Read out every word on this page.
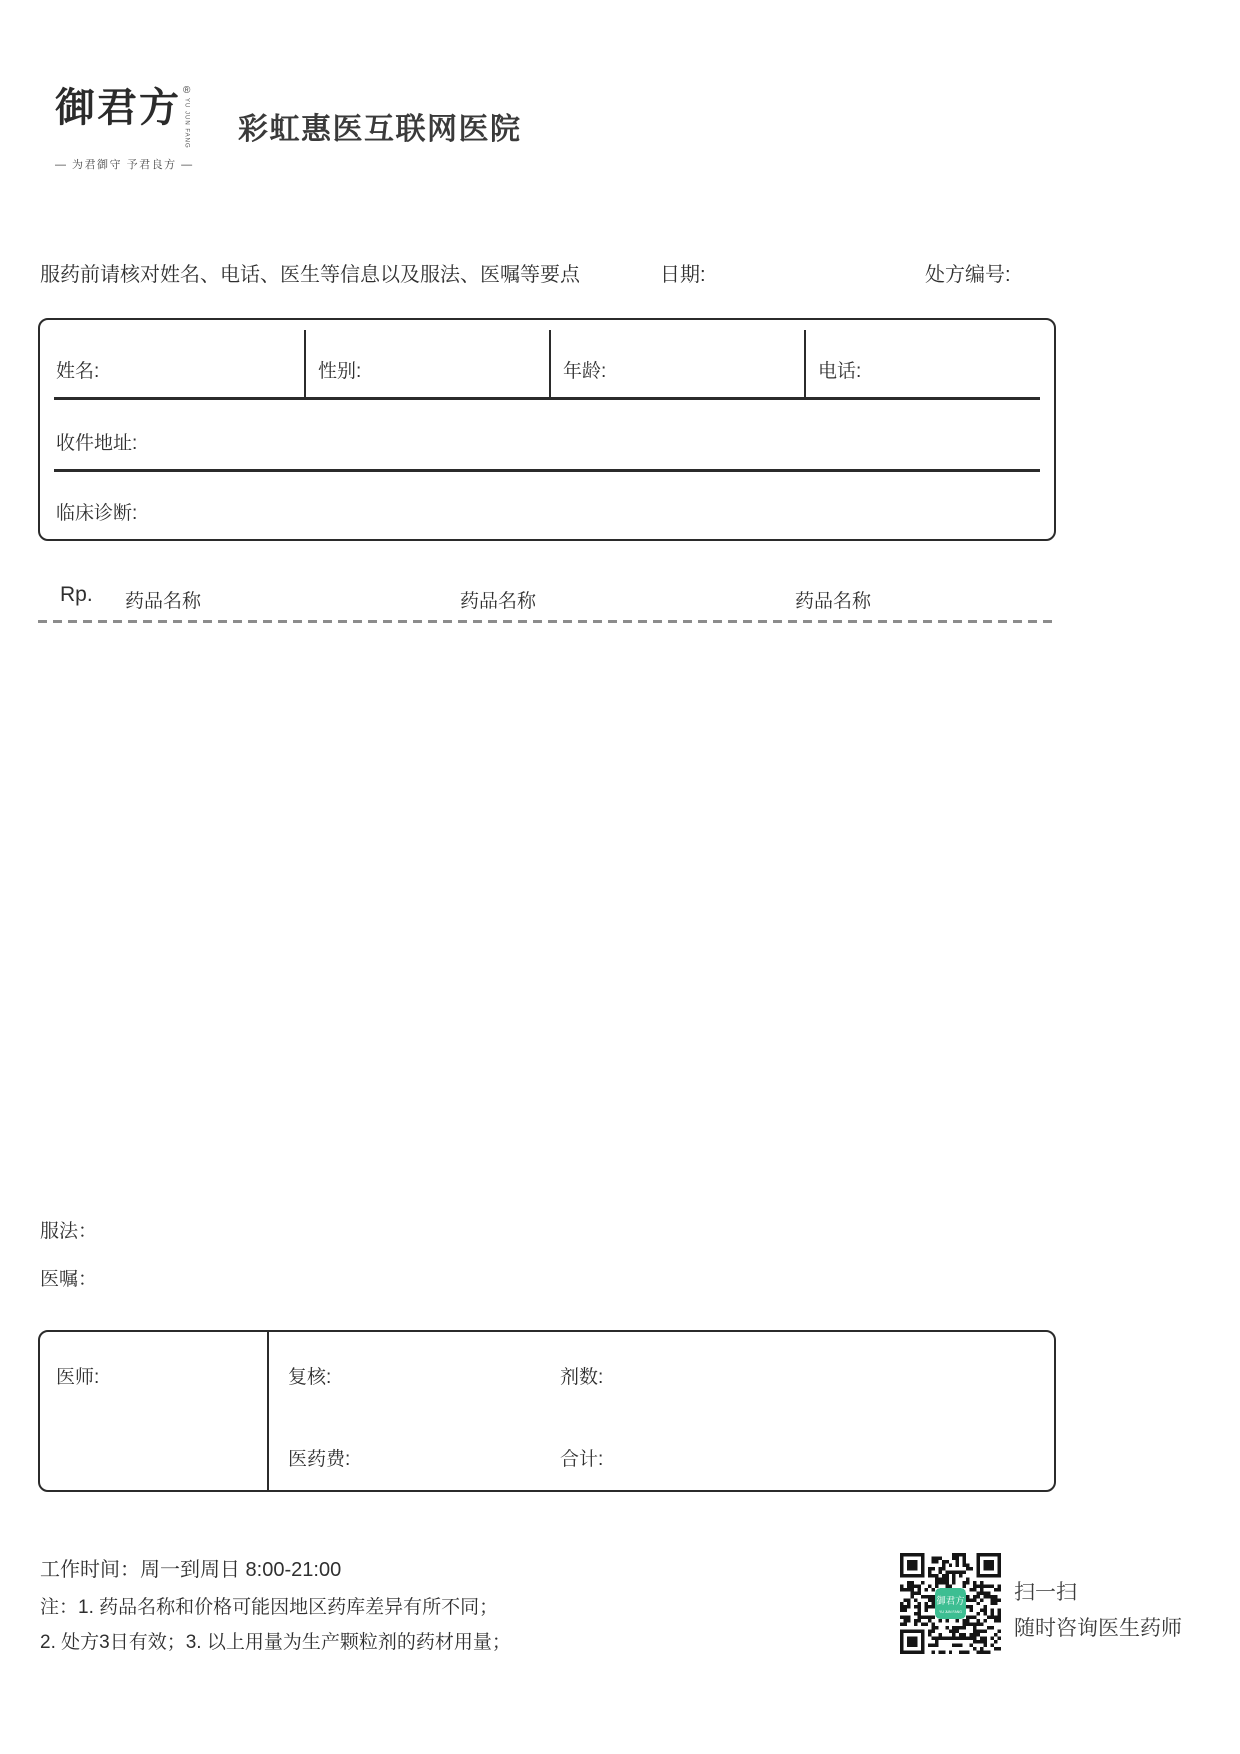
御君方 ®
YU JUN FANG
— 为君御守 予君良方 —
彩虹惠医互联网医院
服药前请核对姓名、电话、医生等信息以及服法、医嘱等要点	日期:	处方编号:
姓名:	性别:	年龄:	电话:
收件地址:
临床诊断:
Rp. 药品名称	药品名称	药品名称
服法：
医嘱：
医师:	复核:	剂数:
医药费:	合计:
工作时间：周一到周日 8:00-21:00
注：1. 药品名称和价格可能因地区药库差异有所不同；
2. 处方3日有效；3. 以上用量为生产颗粒剂的药材用量；
御君方
YU JUN FANG
扫一扫
随时咨询医生药师
